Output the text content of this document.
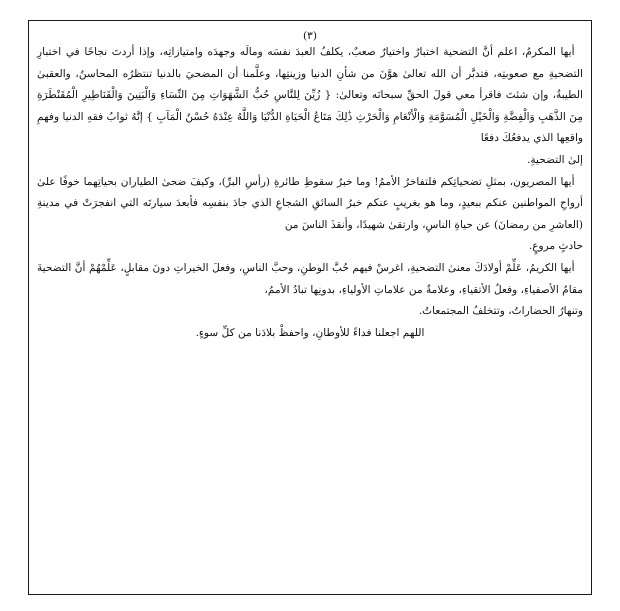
(٣)

أيها المكرمُ، اعلم أنَّ التضحية اختبارٌ واختيارٌ صعبٌ، يكلفُ العبدَ نفسَه ومالَه وجهدَه وامتيازاتِه، وإذا أردتَ نجاحًا في اختبارِ التضحيةِ مع صعوبتِه، فتدبَّر أن الله تعالىٰ هوَّنَ من شأنِ الدنيا وزينتِها، وعلَّمنا أن المضحيَ بالدنيا تنتظرُه المحاسنُ، والعقبىٰ الطيبةُ، وإن شئتَ فاقرأ معي قولَ الحقِّ سبحانَه وتعالىٰ: { زُيِّنَ لِلنَّاسِ حُبُّ الشَّهَوَاتِ مِنَ النِّسَاءِ وَالْبَنِينَ وَالْقَنَاطِيرِ الْمُقَنْطَرَةِ مِنَ الذَّهَبِ وَالْفِضَّةِ وَالْخَيْلِ الْمُسَوَّمَةِ وَالْأَنْعَامِ وَالْحَرْثِ ذَٰلِكَ مَتَاعُ الْحَيَاةِ الدُّنْيَا وَاللَّهُ عِنْدَهُ حُسْنُ الْمَآبِ } إنَّهُ ثوابُ فقهِ الدنيا وفهمِ واقعِها الذي يدفعُكَ دفعًا
إلىٰ التضحيةِ.

أيها المصريون، بمثلِ تضحياتِكم فلتفاخرُ الأممُ! وما خبرُ سقوطِ طائرةِ (رأسِ البرِّ)، وكيفَ ضحىٰ الطياران بحياتِهما خوفًا علىٰ أرواحِ المواطنين عنكم ببعيدٍ، وما هو بغريبٍ عنكم خبرُ السائقِ الشجاعِ الذي جادَ بنفسِه فأبعدَ سيارتَه التي انفجرَتْ في مدينةِ (العاشرِ من رمضانَ) عن حياةِ الناسِ، وارتقىٰ شهيدًا، وأنقذَ الناسَ من
حادثٍ مروعٍ.

أيها الكريمُ، عَلِّمْ أولادَكَ معنىٰ التضحيةِ، اغرسْ فيهم حُبَّ الوطنِ، وحبَّ الناسِ، وفعلَ الخيراتِ دونَ مقابلٍ، عَلِّمْهُمْ أنَّ التضحيةَ مقامُ الأصفياءِ، وفعلُ الأتقياءِ، وعلامةٌ من علاماتِ الأولياءِ، بدونِها تبادُ الأممُ،
وتنهارُ الحضاراتُ، وتتخلفُ المجتمعاتُ.

اللهم اجعلنا فداءً للأوطانِ، واحفظْ بلادَنا من كلِّ سوءٍ.
